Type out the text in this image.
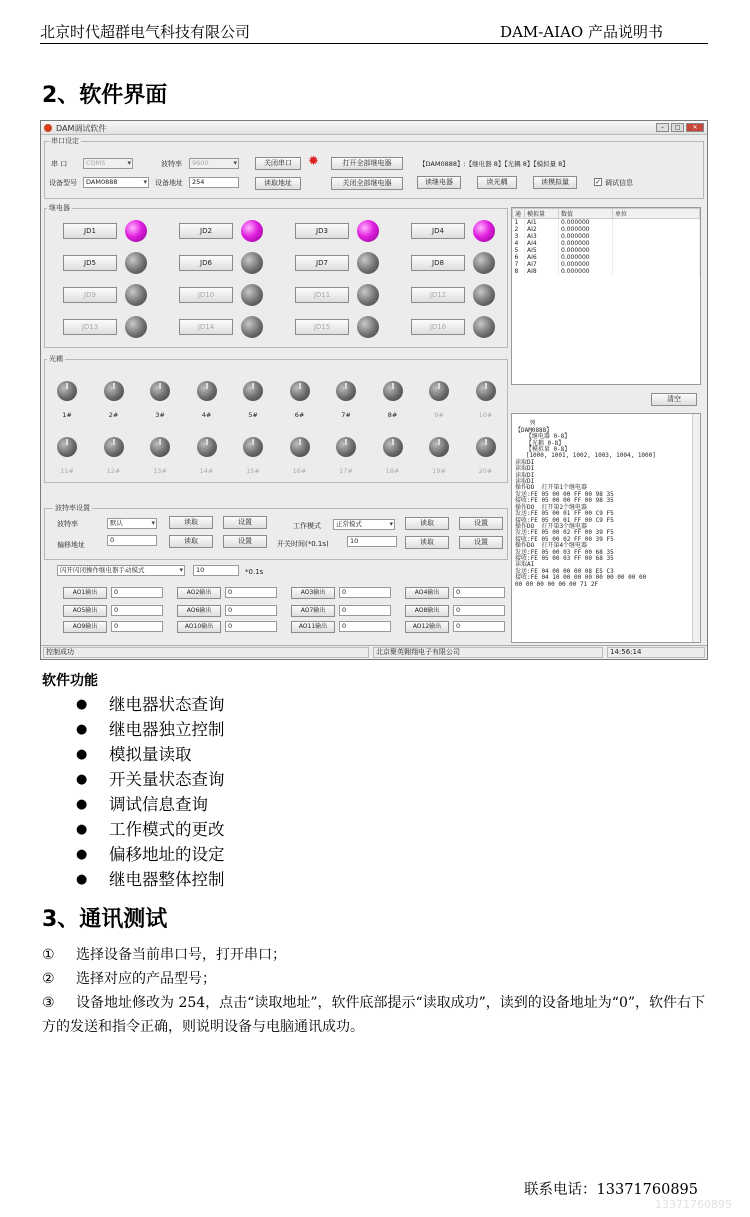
北京时代超群电气科技有限公司	DAM-AIAO 产品说明书
2、软件界面
DAM调试软件	–	□	✕
串口设定
串 口	COM5 ▾	波特率	9600 ▾	关闭串口	✹	打开全部继电器	【DAM0888】:【继电器 8】【光耦 8】【模拟量 8】
设备型号	DAM0888 ▾	设备地址	254	读取地址	关闭全部继电器	读继电器	读光耦	读模拟量	✓ 调试信息
继电器
JD1	JD2	JD3	JD4
JD5	JD6	JD7	JD8
JD9	JD10	JD11	JD12
JD13	JD14	JD15	JD16
光耦
1#	2#	3#	4#	5#	6#	7#	8#	9#	10#
11#	12#	13#	14#	15#	16#	17#	18#	19#	20#
波特率设置
波特率	默认 ▾	读取	设置	工作模式	正常模式 ▾	读取	设置
偏移地址
0	读取	设置	开关时间(*0.1s)	10	读取	设置
闪开闪闭操作继电器手动模式 ▾	10	*0.1s
AO1输出	0	AO2输出	0	AO3输出	0	AO4输出	0
AO5输出	0	AO6输出	0	AO7输出	0	AO8输出	0
AO9输出	0	AO10输出	0	AO11输出	0	AO12输出	0
通	模拟量	数值	单位
1	AI1	0.000000	
2	AI2	0.000000	
3	AI3	0.000000	
4	AI4	0.000000	
5	AI5	0.000000	
6	AI6	0.000000	
7	AI7	0.000000	
8	AI8	0.000000	
清空

列
【DAM0888】
【继电器 0-8】
【光耦 0-8】
【模拟量 0-8】
[1000, 1001, 1002, 1003, 1004, 1000]
读取DI
读取DI
读取DI
读取DI
操作DO  打开第1个继电器
发送:FE 05 00 00 FF 00 98 35
接收:FE 05 00 00 FF 00 98 35
操作DO  打开第2个继电器
发送:FE 05 00 01 FF 00 C9 F5
接收:FE 05 00 01 FF 00 C9 F5
操作DO  打开第3个继电器
发送:FE 05 00 02 FF 00 39 F5
接收:FE 05 00 02 FF 00 39 F5
操作DO  打开第4个继电器
发送:FE 05 00 03 FF 00 68 35
接收:FE 05 00 03 FF 00 68 35
读取AI
发送:FE 04 00 00 00 08 E5 C3
接收:FE 04 10 00 00 00 00 00 00 00 00
00 00 00 00 00 00 71 2F

控制成功	北京聚英翱翔电子有限公司	14:56:14
软件功能
● 继电器状态查询
● 继电器独立控制
● 模拟量读取
● 开关量状态查询
● 调试信息查询
● 工作模式的更改
● 偏移地址的设定
● 继电器整体控制
3、通讯测试

① 选择设备当前串口号，打开串口；

② 选择对应的产品型号；

③ 设备地址修改为 254，点击“读取地址”，软件底部提示“读取成功”，读到的设备地址为“0”，软件右下方的发送和指令正确，则说明设备与电脑通讯成功。

联系电话：13371760895
13371760895
